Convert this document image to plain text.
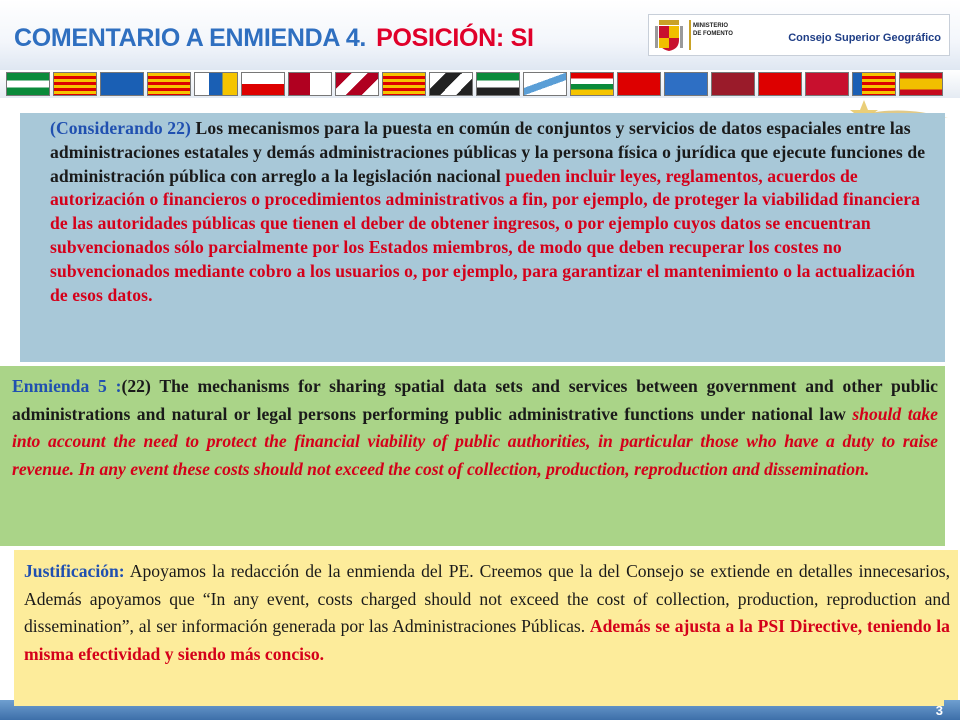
COMENTARIO A ENMIENDA 4. POSICIÓN: SI	MINISTERIO
DE FOMENTO	Consejo Superior Geográfico
(Considerando 22) Los mecanismos para la puesta en común de conjuntos y servicios de datos espaciales entre las administraciones estatales y demás administraciones públicas y la persona física o jurídica que ejecute funciones de administración pública con arreglo a la legislación nacional pueden incluir leyes, reglamentos, acuerdos de autorización o financieros o procedimientos administrativos a fin, por ejemplo, de proteger la viabilidad financiera de las autoridades públicas que tienen el deber de obtener ingresos, o por ejemplo cuyos datos se encuentran subvencionados sólo parcialmente por los Estados miembros, de modo que deben recuperar los costes no subvencionados mediante cobro a los usuarios o, por ejemplo, para garantizar el mantenimiento o la actualización de esos datos.
Enmienda 5 :(22) The mechanisms for sharing spatial data sets and services between government and other public administrations and natural or legal persons performing public administrative functions under national law should take into account the need to protect the financial viability of public authorities, in particular those who have a duty to raise revenue. In any event these costs should not exceed the cost of collection, production, reproduction and dissemination.
Justificación: Apoyamos la redacción de la enmienda del PE. Creemos que la del Consejo se extiende en detalles innecesarios, Además apoyamos que “In any event, costs charged should not exceed the cost of collection, production, reproduction and dissemination”, al ser información generada por las Administraciones Públicas. Además se ajusta a la PSI Directive, teniendo la misma efectividad y siendo más conciso.
3
